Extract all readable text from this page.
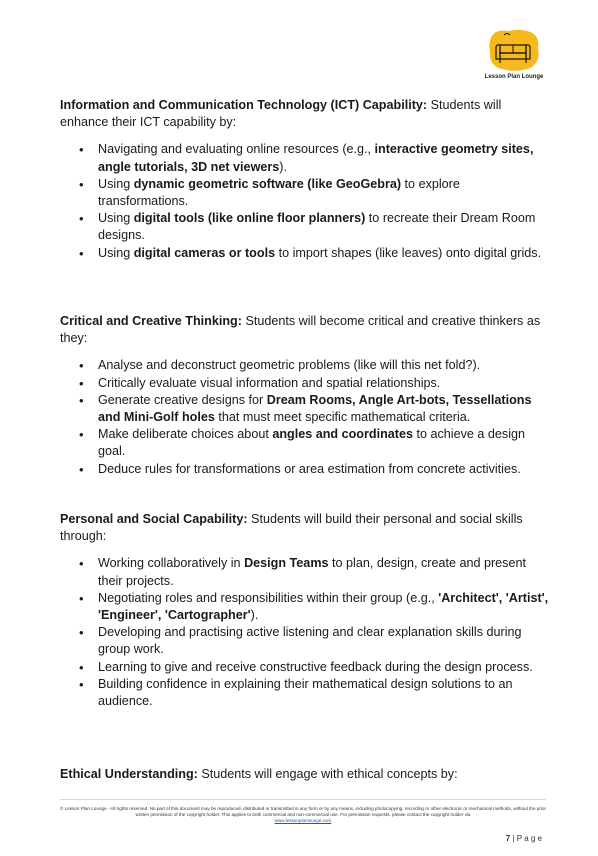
Lesson Plan Lounge

Information and Communication Technology (ICT) Capability: Students will enhance their ICT capability by:

• Navigating and evaluating online resources (e.g., interactive geometry sites, angle tutorials, 3D net viewers).
• Using dynamic geometric software (like GeoGebra) to explore transformations.
• Using digital tools (like online floor planners) to recreate their Dream Room designs.
• Using digital cameras or tools to import shapes (like leaves) onto digital grids.

Critical and Creative Thinking: Students will become critical and creative thinkers as they:

• Analyse and deconstruct geometric problems (like will this net fold?).
• Critically evaluate visual information and spatial relationships.
• Generate creative designs for Dream Rooms, Angle Art-bots, Tessellations and Mini-Golf holes that must meet specific mathematical criteria.
• Make deliberate choices about angles and coordinates to achieve a design goal.
• Deduce rules for transformations or area estimation from concrete activities.

Personal and Social Capability: Students will build their personal and social skills through:

• Working collaboratively in Design Teams to plan, design, create and present their projects.
• Negotiating roles and responsibilities within their group (e.g., 'Architect', 'Artist', 'Engineer', 'Cartographer').
• Developing and practising active listening and clear explanation skills during group work.
• Learning to give and receive constructive feedback during the design process.
• Building confidence in explaining their mathematical design solutions to an audience.

Ethical Understanding: Students will engage with ethical concepts by:

© Lesson Plan Lounge - All rights reserved. No part of this document may be reproduced, distributed or transmitted in any form or by any means, including photocopying, recording or other electronic or mechanical methods, without the prior written permission of the copyright holder. This applies to both commercial and non-commercial use. For permission requests, please contact the copyright holder via
www.lessonplanlounge.com
7 | P a g e
